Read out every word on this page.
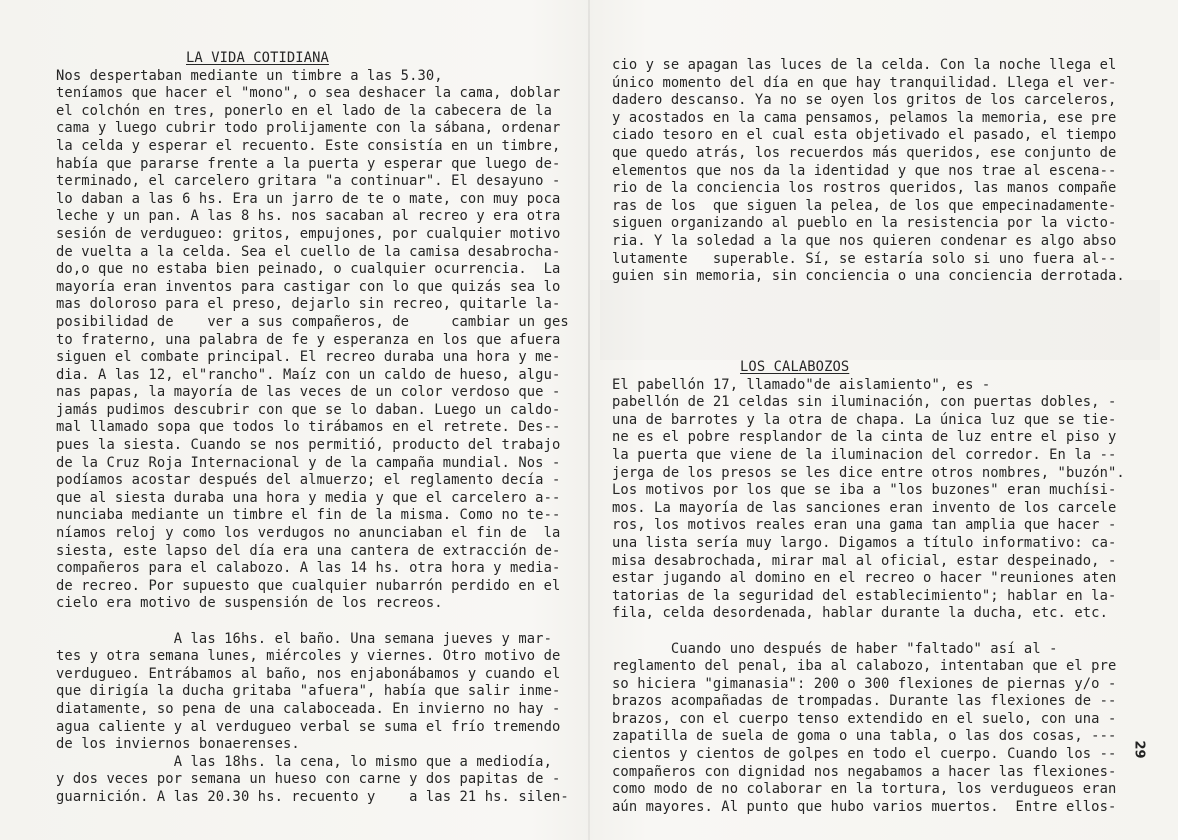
LA VIDA COTIDIANA
Nos despertaban mediante un timbre a las 5.30,
teníamos que hacer el "mono", o sea deshacer la cama, doblar
el colchón en tres, ponerlo en el lado de la cabecera de la
cama y luego cubrir todo prolijamente con la sábana, ordenar
la celda y esperar el recuento. Este consistía en un timbre,
había que pararse frente a la puerta y esperar que luego de-
terminado, el carcelero gritara "a continuar". El desayuno -
lo daban a las 6 hs. Era un jarro de te o mate, con muy poca
leche y un pan. A las 8 hs. nos sacaban al recreo y era otra
sesión de verdugueo: gritos, empujones, por cualquier motivo
de vuelta a la celda. Sea el cuello de la camisa desabrocha-
do,o que no estaba bien peinado, o cualquier ocurrencia.  La
mayoría eran inventos para castigar con lo que quizás sea lo
mas doloroso para el preso, dejarlo sin recreo, quitarle la-
posibilidad de    ver a sus compañeros, de     cambiar un ges
to fraterno, una palabra de fe y esperanza en los que afuera
siguen el combate principal. El recreo duraba una hora y me-
dia. A las 12, el"rancho". Maíz con un caldo de hueso, algu-
nas papas, la mayoría de las veces de un color verdoso que -
jamás pudimos descubrir con que se lo daban. Luego un caldo-
mal llamado sopa que todos lo tirábamos en el retrete. Des--
pues la siesta. Cuando se nos permitió, producto del trabajo
de la Cruz Roja Internacional y de la campaña mundial. Nos -
podíamos acostar después del almuerzo; el reglamento decía -
que al siesta duraba una hora y media y que el carcelero a--
nunciaba mediante un timbre el fin de la misma. Como no te--
níamos reloj y como los verdugos no anunciaban el fin de  la
siesta, este lapso del día era una cantera de extracción de-
compañeros para el calabozo. A las 14 hs. otra hora y media-
de recreo. Por supuesto que cualquier nubarrón perdido en el
cielo era motivo de suspensión de los recreos.
A las 16hs. el baño. Una semana jueves y mar-
tes y otra semana lunes, miércoles y viernes. Otro motivo de
verdugueo. Entrábamos al baño, nos enjabonábamos y cuando el
que dirigía la ducha gritaba "afuera", había que salir inme-
diatamente, so pena de una calaboceada. En invierno no hay -
agua caliente y al verdugueo verbal se suma el frío tremendo
de los inviernos bonaerenses.
A las 18hs. la cena, lo mismo que a mediodía,
y dos veces por semana un hueso con carne y dos papitas de -
guarnición. A las 20.30 hs. recuento y    a las 21 hs. silen-
cio y se apagan las luces de la celda. Con la noche llega el
único momento del día en que hay tranquilidad. Llega el ver-
dadero descanso. Ya no se oyen los gritos de los carceleros,
y acostados en la cama pensamos, pelamos la memoria, ese pre
ciado tesoro en el cual esta objetivado el pasado, el tiempo
que quedo atrás, los recuerdos más queridos, ese conjunto de
elementos que nos da la identidad y que nos trae al escena--
rio de la conciencia los rostros queridos, las manos compañe
ras de los  que siguen la pelea, de los que empecinadamente-
siguen organizando al pueblo en la resistencia por la victo-
ria. Y la soledad a la que nos quieren condenar es algo abso
lutamente   superable. Sí, se estaría solo si uno fuera al--
guien sin memoria, sin conciencia o una conciencia derrotada.
LOS CALABOZOS
El pabellón 17, llamado"de aislamiento", es -
pabellón de 21 celdas sin iluminación, con puertas dobles, -
una de barrotes y la otra de chapa. La única luz que se tie-
ne es el pobre resplandor de la cinta de luz entre el piso y
la puerta que viene de la iluminacion del corredor. En la --
jerga de los presos se les dice entre otros nombres, "buzón".
Los motivos por los que se iba a "los buzones" eran muchísi-
mos. La mayoría de las sanciones eran invento de los carcele
ros, los motivos reales eran una gama tan amplia que hacer -
una lista sería muy largo. Digamos a título informativo: ca-
misa desabrochada, mirar mal al oficial, estar despeinado, -
estar jugando al domino en el recreo o hacer "reuniones aten
tatorias de la seguridad del establecimiento"; hablar en la-
fila, celda desordenada, hablar durante la ducha, etc. etc.
Cuando uno después de haber "faltado" así al -
reglamento del penal, iba al calabozo, intentaban que el pre
so hiciera "gimanasia": 200 o 300 flexiones de piernas y/o -
brazos acompañadas de trompadas. Durante las flexiones de --
brazos, con el cuerpo tenso extendido en el suelo, con una -
zapatilla de suela de goma o una tabla, o las dos cosas, ---
cientos y cientos de golpes en todo el cuerpo. Cuando los --
compañeros con dignidad nos negabamos a hacer las flexiones-
como modo de no colaborar en la tortura, los verdugueos eran
aún mayores. Al punto que hubo varios muertos.  Entre ellos-
29
